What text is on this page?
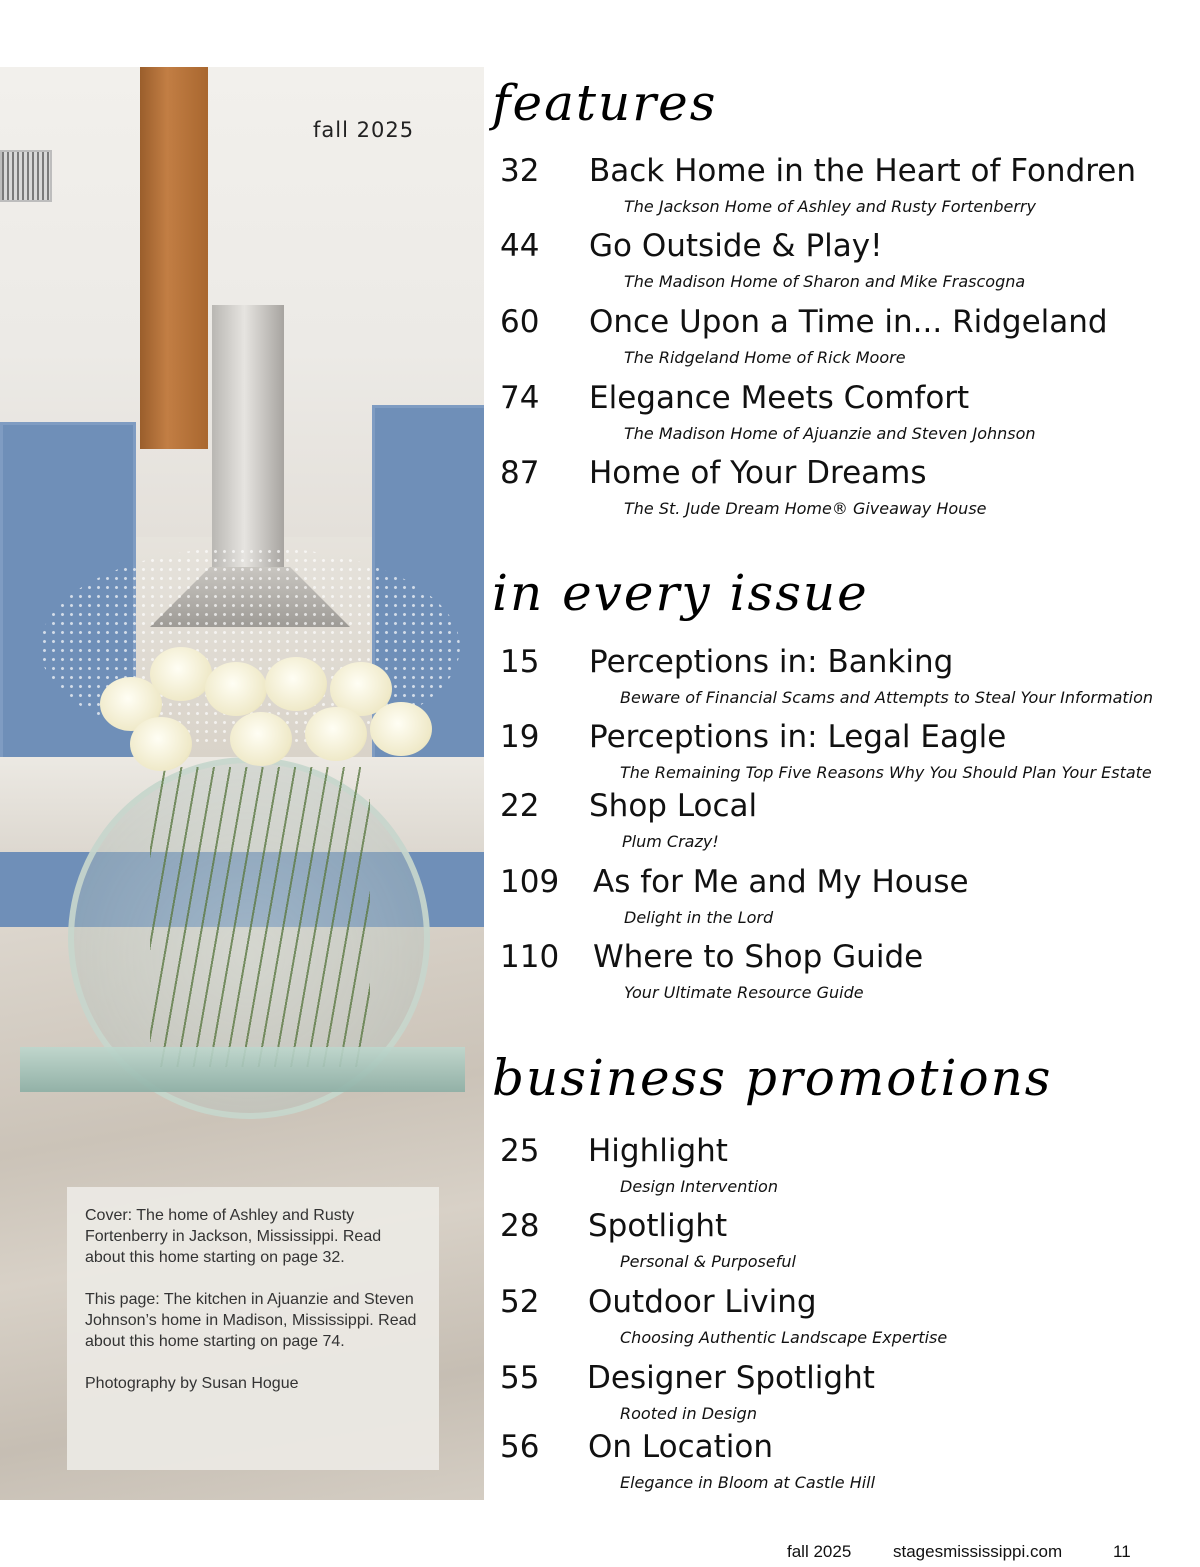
fall 2025

Cover: The home of Ashley and Rusty Fortenberry in Jackson, Mississippi. Read about this home starting on page 32.

This page: The kitchen in Ajuanzie and Steven Johnson’s home in Madison, Mississippi. Read about this home starting on page 74.

Photography by Susan Hogue

features
32 Back Home in the Heart of Fondren
The Jackson Home of Ashley and Rusty Fortenberry
44 Go Outside & Play!
The Madison Home of Sharon and Mike Frascogna
60 Once Upon a Time in... Ridgeland
The Ridgeland Home of Rick Moore
74 Elegance Meets Comfort
The Madison Home of Ajuanzie and Steven Johnson
87 Home of Your Dreams
The St. Jude Dream Home® Giveaway House
in every issue
15 Perceptions in: Banking
Beware of Financial Scams and Attempts to Steal Your Information
19 Perceptions in: Legal Eagle
The Remaining Top Five Reasons Why You Should Plan Your Estate
22 Shop Local
Plum Crazy!
109 As for Me and My House
Delight in the Lord
110 Where to Shop Guide
Your Ultimate Resource Guide
business promotions
25 Highlight
Design Intervention
28 Spotlight
Personal & Purposeful
52 Outdoor Living
Choosing Authentic Landscape Expertise
55 Designer Spotlight
Rooted in Design
56 On Location
Elegance in Bloom at Castle Hill
fall 2025 stagesmississippi.com	11
